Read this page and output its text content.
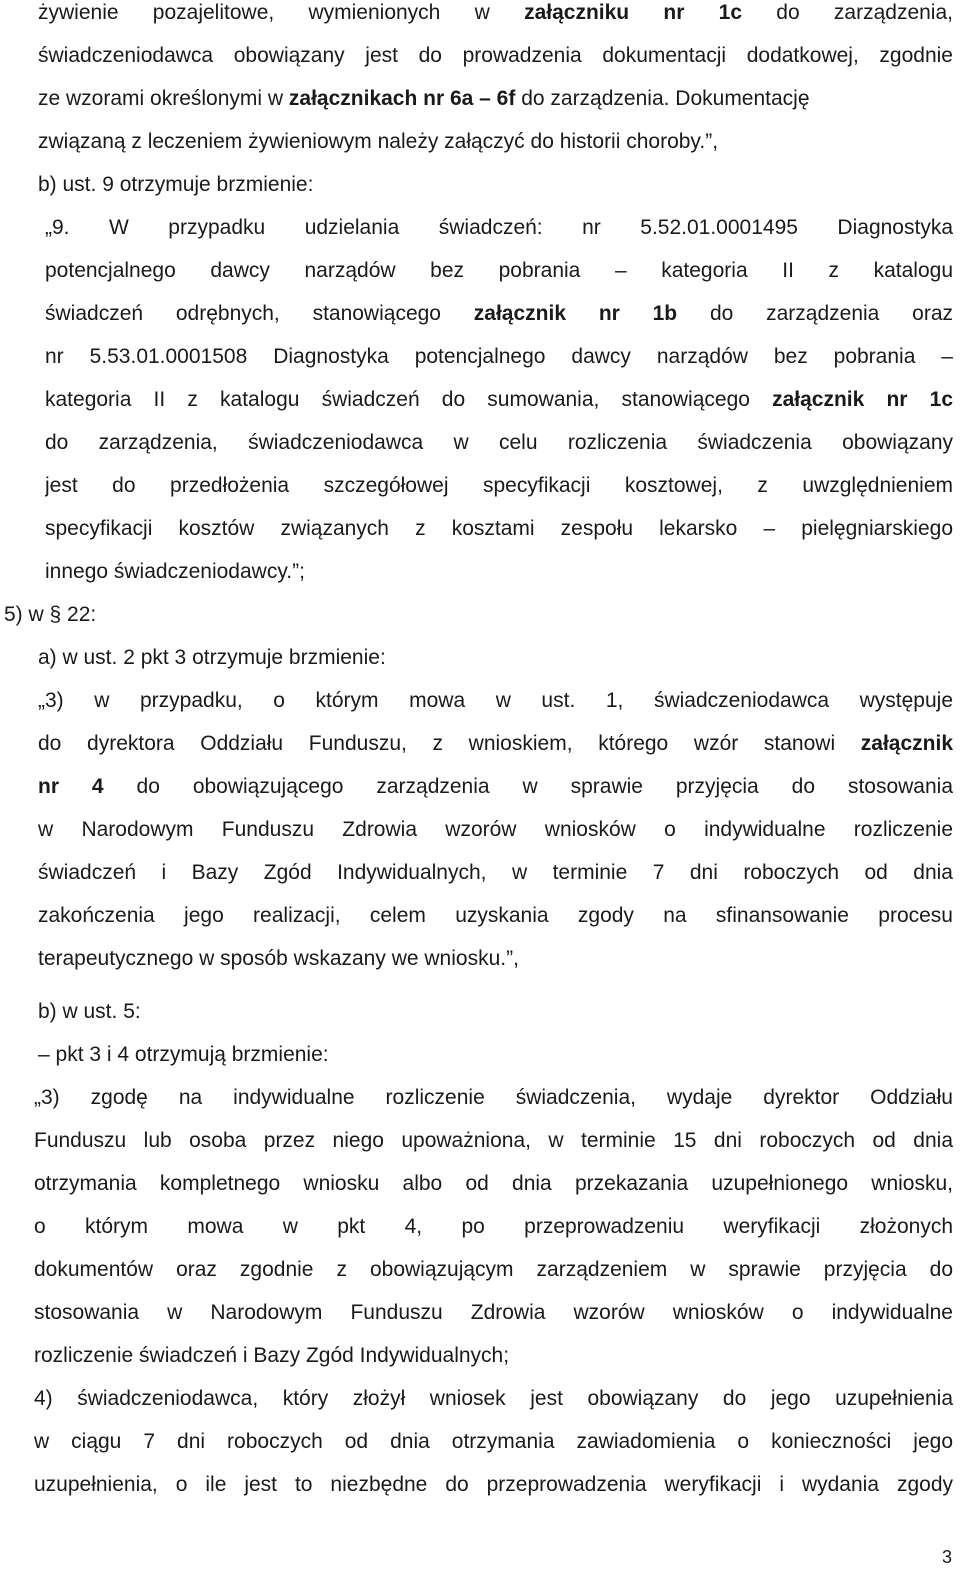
żywienie pozajelitowe, wymienionych w załączniku nr 1c do zarządzenia,
świadczeniodawca obowiązany jest do prowadzenia dokumentacji dodatkowej, zgodnie
ze wzorami określonymi w załącznikach nr 6a – 6f do zarządzenia. Dokumentację
związaną z leczeniem żywieniowym należy załączyć do historii choroby.”,
b) ust. 9 otrzymuje brzmienie:
„9. W przypadku udzielania świadczeń: nr 5.52.01.0001495 Diagnostyka
potencjalnego dawcy narządów bez pobrania – kategoria II z katalogu
świadczeń odrębnych, stanowiącego załącznik nr 1b do zarządzenia oraz
nr 5.53.01.0001508 Diagnostyka potencjalnego dawcy narządów bez pobrania –
kategoria II z katalogu świadczeń do sumowania, stanowiącego załącznik nr 1c
do zarządzenia, świadczeniodawca w celu rozliczenia świadczenia obowiązany
jest do przedłożenia szczegółowej specyfikacji kosztowej, z uwzględnieniem
specyfikacji kosztów związanych z kosztami zespołu lekarsko – pielęgniarskiego
innego świadczeniodawcy.”;
5) w § 22:
a) w ust. 2 pkt 3 otrzymuje brzmienie:
„3) w przypadku, o którym mowa w ust. 1, świadczeniodawca występuje
do dyrektora Oddziału Funduszu, z wnioskiem, którego wzór stanowi załącznik
nr 4 do obowiązującego zarządzenia w sprawie przyjęcia do stosowania
w Narodowym Funduszu Zdrowia wzorów wniosków o indywidualne rozliczenie
świadczeń i Bazy Zgód Indywidualnych, w terminie 7 dni roboczych od dnia
zakończenia jego realizacji, celem uzyskania zgody na sfinansowanie procesu
terapeutycznego w sposób wskazany we wniosku.”,
b) w ust. 5:
– pkt 3 i 4 otrzymują brzmienie:
„3) zgodę na indywidualne rozliczenie świadczenia, wydaje dyrektor Oddziału
Funduszu lub osoba przez niego upoważniona, w terminie 15 dni roboczych od dnia
otrzymania kompletnego wniosku albo od dnia przekazania uzupełnionego wniosku,
o którym mowa w pkt 4, po przeprowadzeniu weryfikacji złożonych
dokumentów oraz zgodnie z obowiązującym zarządzeniem w sprawie przyjęcia do
stosowania w Narodowym Funduszu Zdrowia wzorów wniosków o indywidualne
rozliczenie świadczeń i Bazy Zgód Indywidualnych;
4) świadczeniodawca, który złożył wniosek jest obowiązany do jego uzupełnienia
w ciągu 7 dni roboczych od dnia otrzymania zawiadomienia o konieczności jego
uzupełnienia, o ile jest to niezbędne do przeprowadzenia weryfikacji i wydania zgody
3
